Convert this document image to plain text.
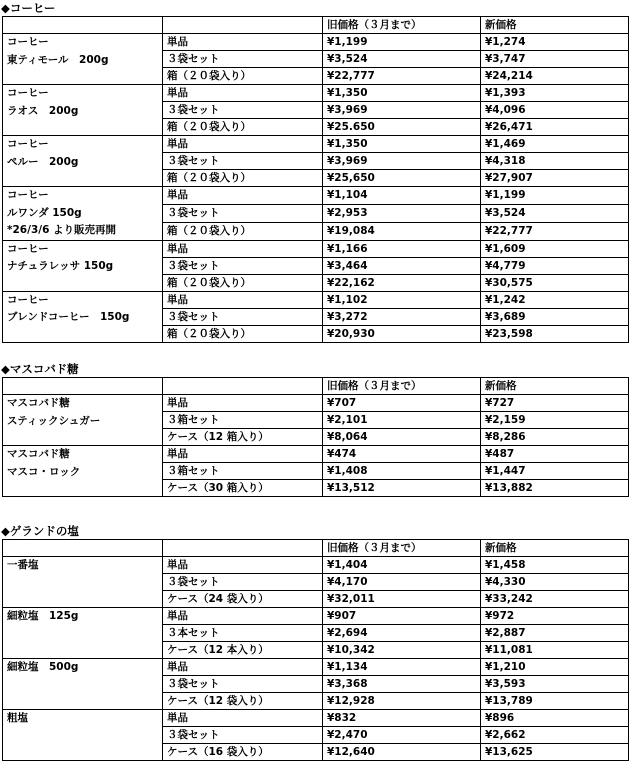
◆コーヒー
		旧価格（３月まで）	新価格

コーヒー
東ティモール　200g	単品	¥1,199	¥1,274
	３袋セット	¥3,524	¥3,747
	箱（２０袋入り）	¥22,777	¥24,214

コーヒー
ラオス　200g	単品	¥1,350	¥1,393
	３袋セット	¥3,969	¥4,096
	箱（２０袋入り）	¥25.650	¥26,471

コーヒー
ペルー　200g	単品	¥1,350	¥1,469
	３袋セット	¥3,969	¥4,318
	箱（２０袋入り）	¥25,650	¥27,907

コーヒー
ルワンダ 150g
*26/3/6 より販売再開	単品	¥1,104	¥1,199
	３袋セット	¥2,953	¥3,524
	箱（２０袋入り）	¥19,084	¥22,777

コーヒー
ナチュラレッサ 150g	単品	¥1,166	¥1,609
	３袋セット	¥3,464	¥4,779
	箱（２０袋入り）	¥22,162	¥30,575

コーヒー
ブレンドコーヒー　150g	単品	¥1,102	¥1,242
	３袋セット	¥3,272	¥3,689
	箱（２０袋入り）	¥20,930	¥23,598
◆マスコバド糖
		旧価格（３月まで）	新価格

マスコバド糖
スティックシュガー	単品	¥707	¥727
	３箱セット	¥2,101	¥2,159
	ケース（12 箱入り）	¥8,064	¥8,286

マスコバド糖
マスコ・ロック	単品	¥474	¥487
	３箱セット	¥1,408	¥1,447
	ケース（30 箱入り）	¥13,512	¥13,882
◆ゲランドの塩
		旧価格（３月まで）	新価格

一番塩	単品	¥1,404	¥1,458
	３袋セット	¥4,170	¥4,330
	ケース（24 袋入り）	¥32,011	¥33,242

細粒塩　125g	単品	¥907	¥972
	３本セット	¥2,694	¥2,887
	ケース（12 本入り）	¥10,342	¥11,081

細粒塩　500g	単品	¥1,134	¥1,210
	３袋セット	¥3,368	¥3,593
	ケース（12 袋入り）	¥12,928	¥13,789

粗塩	単品	¥832	¥896
	３袋セット	¥2,470	¥2,662
	ケース（16 袋入り）	¥12,640	¥13,625
